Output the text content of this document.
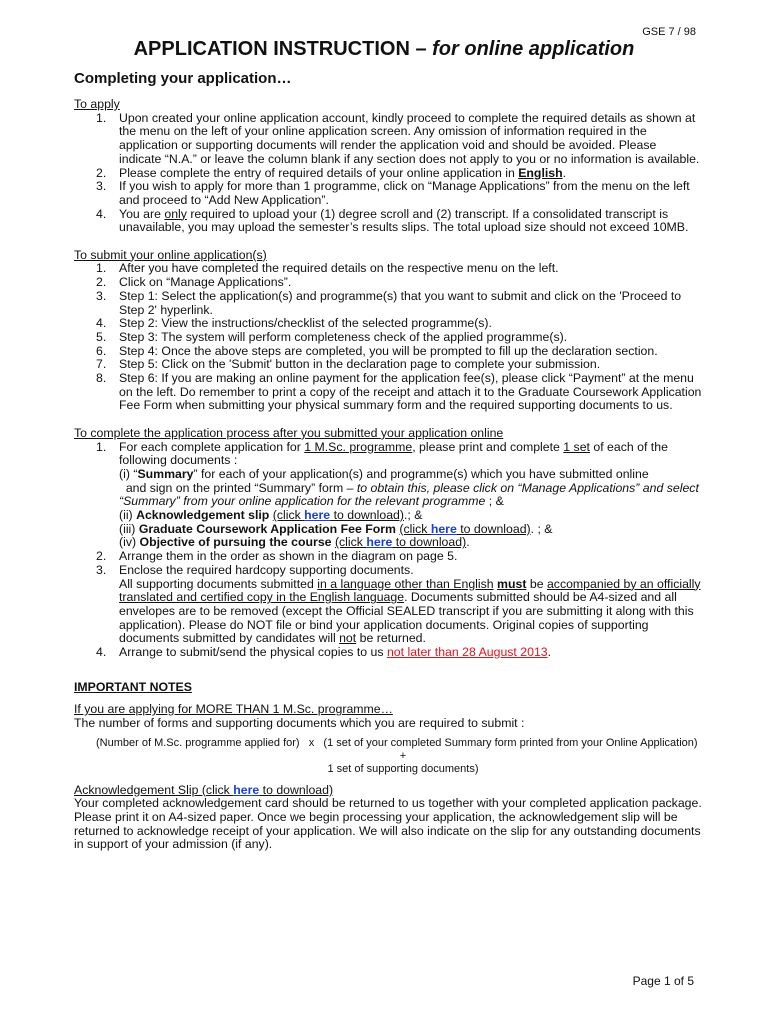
GSE 7 / 98
APPLICATION INSTRUCTION – for online application
Completing your application…

To apply

1. Upon created your online application account, kindly proceed to complete the required details as shown at the menu on the left of your online application screen. Any omission of information required in the application or supporting documents will render the application void and should be avoided. Please indicate “N.A.” or leave the column blank if any section does not apply to you or no information is available.
2. Please complete the entry of required details of your online application in English.
3. If you wish to apply for more than 1 programme, click on “Manage Applications” from the menu on the left and proceed to “Add New Application”.
4. You are only required to upload your (1) degree scroll and (2) transcript. If a consolidated transcript is unavailable, you may upload the semester’s results slips. The total upload size should not exceed 10MB.

To submit your online application(s)

1. After you have completed the required details on the respective menu on the left.
2. Click on “Manage Applications”.
3. Step 1: Select the application(s) and programme(s) that you want to submit and click on the 'Proceed to Step 2' hyperlink.
4. Step 2: View the instructions/checklist of the selected programme(s).
5. Step 3: The system will perform completeness check of the applied programme(s).
6. Step 4: Once the above steps are completed, you will be prompted to fill up the declaration section.
7. Step 5: Click on the 'Submit' button in the declaration page to complete your submission.
8. Step 6: If you are making an online payment for the application fee(s), please click “Payment” at the menu on the left. Do remember to print a copy of the receipt and attach it to the Graduate Coursework Application Fee Form when submitting your physical summary form and the required supporting documents to us.

To complete the application process after you submitted your application online

1. For each complete application for 1 M.Sc. programme, please print and complete 1 set of each of the following documents :
(i) “Summary” for each of your application(s) and programme(s) which you have submitted online
and sign on the printed “Summary” form – to obtain this, please click on “Manage Applications” and select “Summary” from your online application for the relevant programme ; &
(ii) Acknowledgement slip (click here to download).; &
(iii) Graduate Coursework Application Fee Form (click here to download). ; &
(iv) Objective of pursuing the course (click here to download).
2. Arrange them in the order as shown in the diagram on page 5.
3. Enclose the required hardcopy supporting documents.
All supporting documents submitted in a language other than English must be accompanied by an officially translated and certified copy in the English language. Documents submitted should be A4-sized and all envelopes are to be removed (except the Official SEALED transcript if you are submitting it along with this application). Please do NOT file or bind your application documents. Original copies of supporting documents submitted by candidates will not be returned.
4. Arrange to submit/send the physical copies to us not later than 28 August 2013.

IMPORTANT NOTES

If you are applying for MORE THAN 1 M.Sc. programme…

The number of forms and supporting documents which you are required to submit :

(Number of M.Sc. programme applied for) x (1 set of your completed Summary form printed from your Online Application)
+
1 set of supporting documents)

Acknowledgement Slip (click here to download)

Your completed acknowledgement card should be returned to us together with your completed application package. Please print it on A4-sized paper. Once we begin processing your application, the acknowledgement slip will be returned to acknowledge receipt of your application. We will also indicate on the slip for any outstanding documents in support of your admission (if any).

Page 1 of 5
